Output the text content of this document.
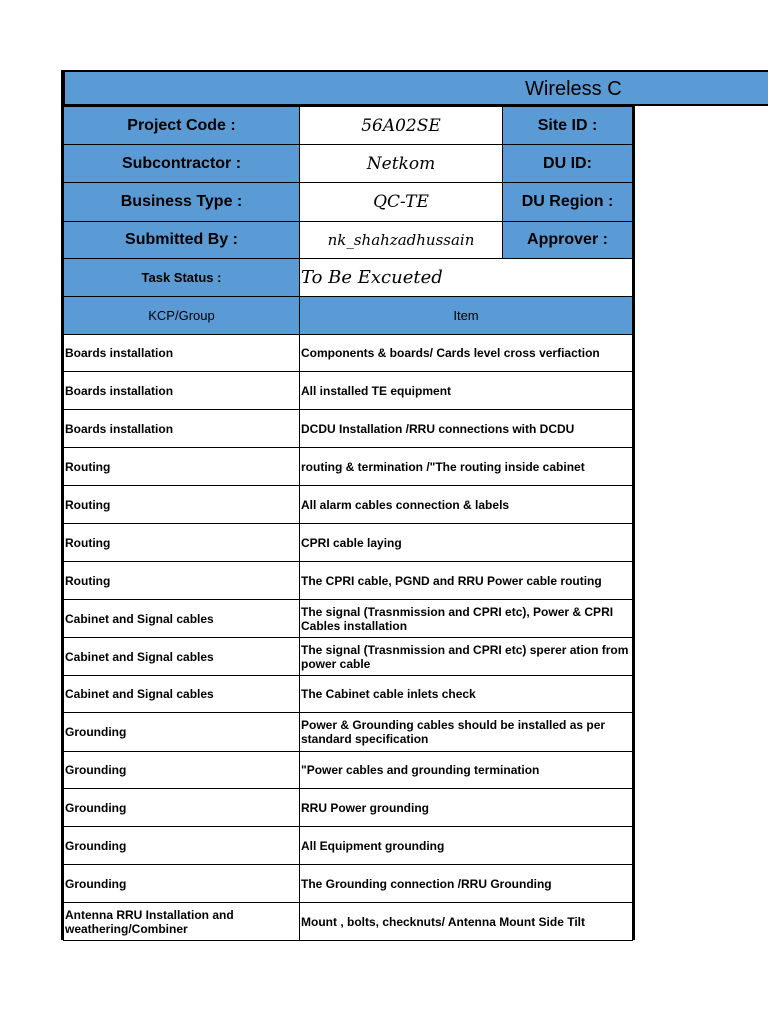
Wireless C
Project Code :	56A02SE	Site ID :
Subcontractor :	Netkom	DU ID:
Business Type :	QC-TE	DU Region :
Submitted By :	nk_shahzadhussain	Approver :
Task Status :	To Be Excueted
KCP/Group	Item
Boards installation	Components & boards/ Cards level cross verfiaction
Boards installation	All installed TE equipment
Boards installation	DCDU Installation /RRU connections with DCDU
Routing	routing & termination /"The routing inside cabinet
Routing	All alarm cables connection & labels
Routing	CPRI cable laying
Routing	The CPRI cable, PGND and RRU Power cable routing
Cabinet and Signal cables	The signal (Trasnmission and CPRI etc), Power & CPRI Cables installation
Cabinet and Signal cables	The signal (Trasnmission and CPRI etc) sperer ation from power cable
Cabinet and Signal cables	The Cabinet cable inlets check
Grounding	Power & Grounding cables should be installed as per standard specification
Grounding	"Power cables and grounding termination
Grounding	RRU Power grounding
Grounding	All Equipment grounding
Grounding	The Grounding connection /RRU Grounding
Antenna RRU Installation and weathering/Combiner	Mount , bolts, checknuts/ Antenna Mount Side Tilt
